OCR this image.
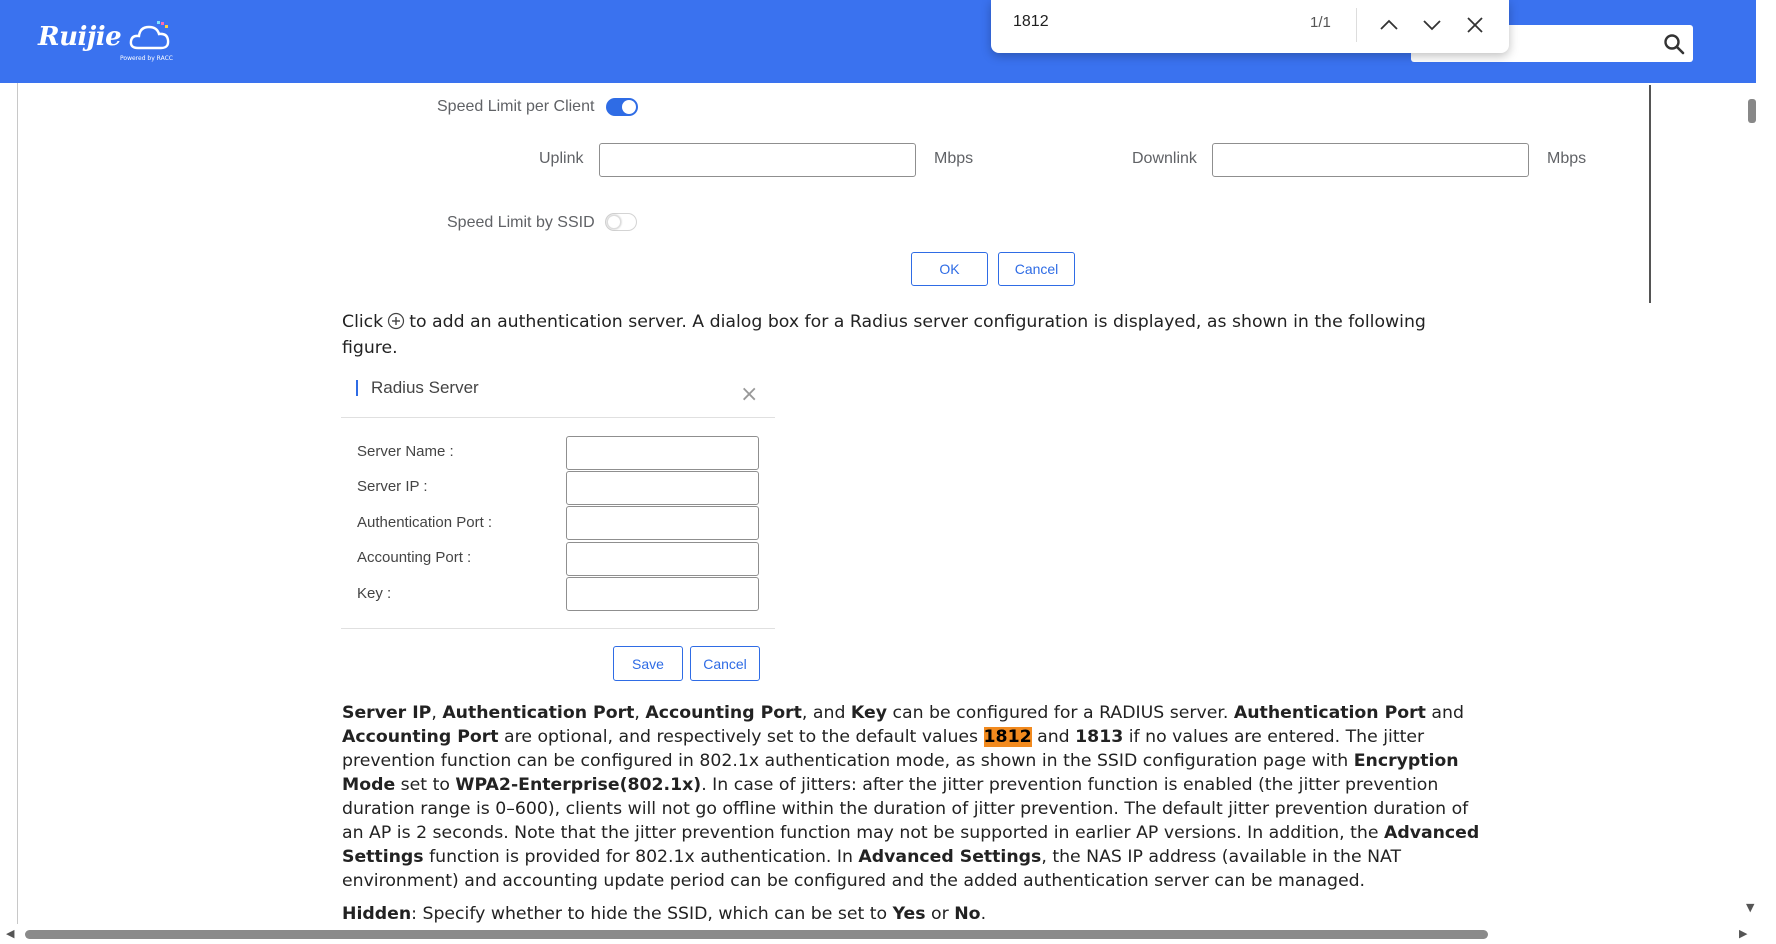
Ruijie
Powered by RACC
1812	1/1
▼
◀	▶
Speed Limit per Client
Uplink	Mbps	Downlink	Mbps
Speed Limit by SSID
OK	Cancel
Click to add an authentication server. A dialog box for a Radius server configuration is displayed, as shown in the following
figure.
Radius Server	×
Server Name :
Server IP :
Authentication Port :
Accounting Port :
Key :
Save	Cancel
Server IP, Authentication Port, Accounting Port, and Key can be configured for a RADIUS server. Authentication Port and
Accounting Port are optional, and respectively set to the default values 1812 and 1813 if no values are entered. The jitter
prevention function can be configured in 802.1x authentication mode, as shown in the SSID configuration page with Encryption
Mode set to WPA2-Enterprise(802.1x). In case of jitters: after the jitter prevention function is enabled (the jitter prevention
duration range is 0–600), clients will not go offline within the duration of jitter prevention. The default jitter prevention duration of
an AP is 2 seconds. Note that the jitter prevention function may not be supported in earlier AP versions. In addition, the Advanced
Settings function is provided for 802.1x authentication. In Advanced Settings, the NAS IP address (available in the NAT
environment) and accounting update period can be configured and the added authentication server can be managed.
Hidden: Specify whether to hide the SSID, which can be set to Yes or No.
